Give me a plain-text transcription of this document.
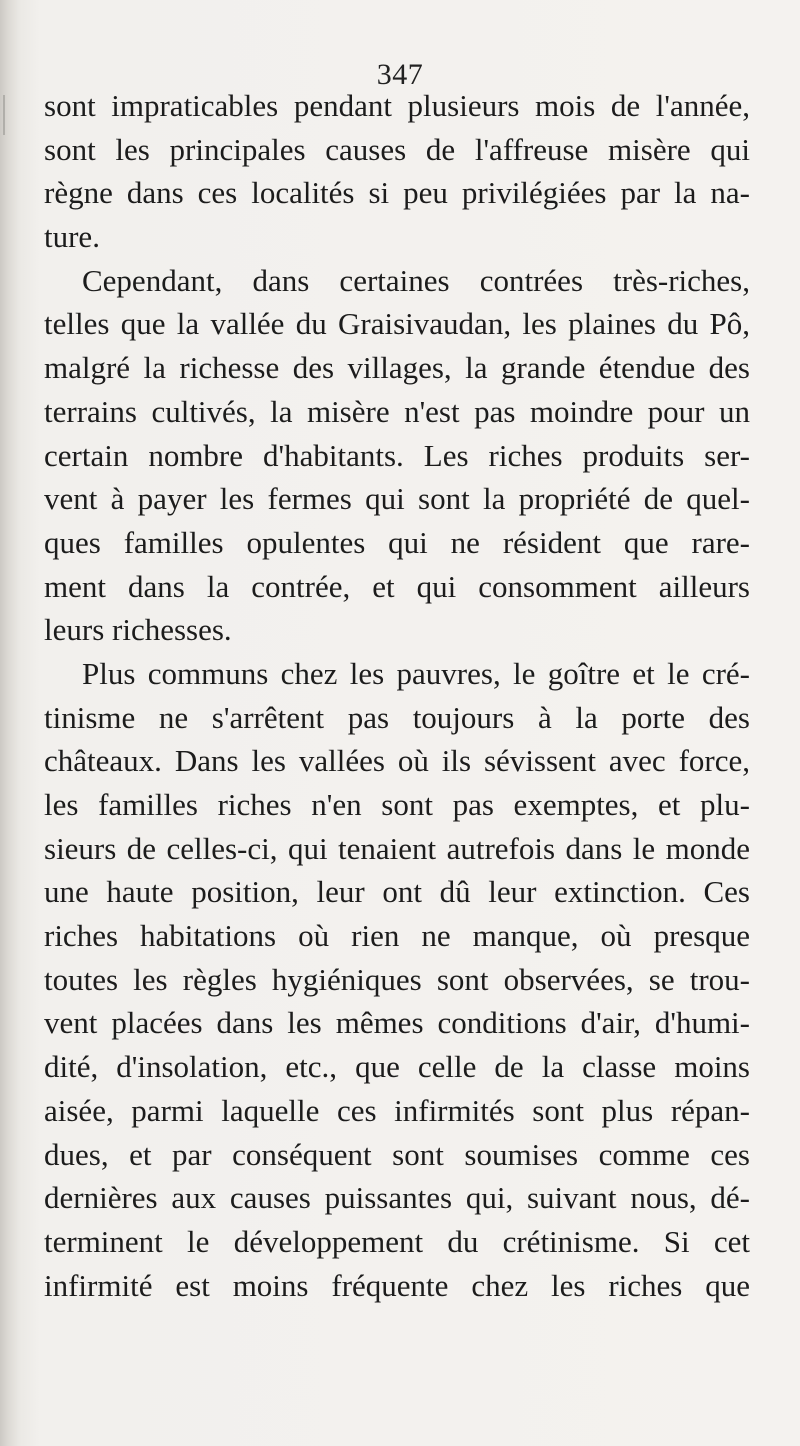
347
sont impraticables pendant plusieurs mois de l'année,
sont les principales causes de l'affreuse misère qui
règne dans ces localités si peu privilégiées par la na-
ture.
Cependant, dans certaines contrées très-riches,
telles que la vallée du Graisivaudan, les plaines du Pô,
malgré la richesse des villages, la grande étendue des
terrains cultivés, la misère n'est pas moindre pour un
certain nombre d'habitants. Les riches produits ser-
vent à payer les fermes qui sont la propriété de quel-
ques familles opulentes qui ne résident que rare-
ment dans la contrée, et qui consomment ailleurs
leurs richesses.
Plus communs chez les pauvres, le goître et le cré-
tinisme ne s'arrêtent pas toujours à la porte des
châteaux. Dans les vallées où ils sévissent avec force,
les familles riches n'en sont pas exemptes, et plu-
sieurs de celles-ci, qui tenaient autrefois dans le monde
une haute position, leur ont dû leur extinction. Ces
riches habitations où rien ne manque, où presque
toutes les règles hygiéniques sont observées, se trou-
vent placées dans les mêmes conditions d'air, d'humi-
dité, d'insolation, etc., que celle de la classe moins
aisée, parmi laquelle ces infirmités sont plus répan-
dues, et par conséquent sont soumises comme ces
dernières aux causes puissantes qui, suivant nous, dé-
terminent le développement du crétinisme. Si cet
infirmité est moins fréquente chez les riches que
